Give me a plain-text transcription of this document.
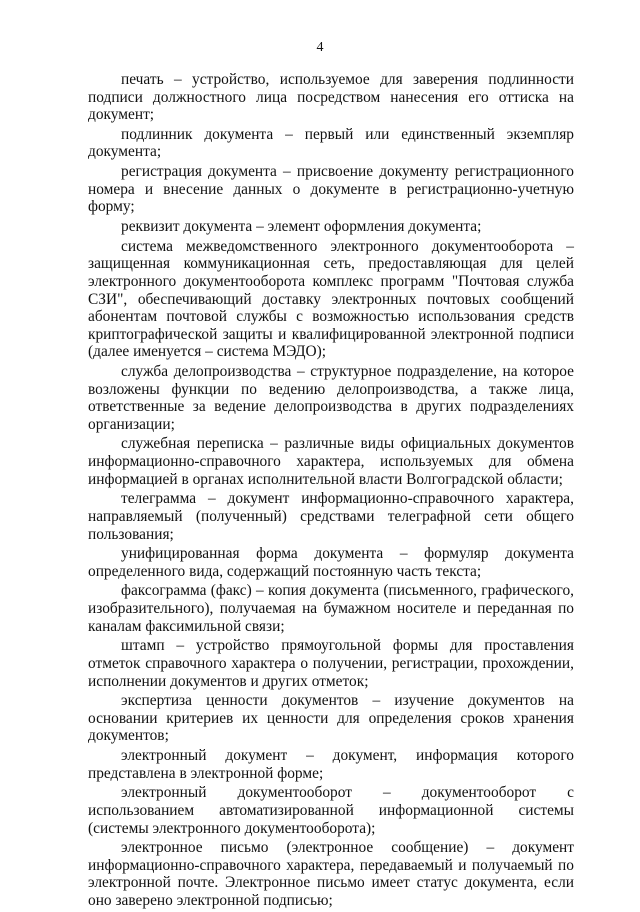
4

печать – устройство, используемое для заверения подлинности подписи должностного лица посредством нанесения его оттиска на документ;

подлинник документа – первый или единственный экземпляр документа;

регистрация документа – присвоение документу регистрационного номера и внесение данных о документе в регистрационно-учетную форму;

реквизит документа – элемент оформления документа;

система межведомственного электронного документооборота – защищенная коммуникационная сеть, предоставляющая для целей электронного документооборота комплекс программ "Почтовая служба СЗИ", обеспечивающий доставку электронных почтовых сообщений абонентам почтовой службы с возможностью использования средств криптографической защиты и квалифицированной электронной подписи (далее именуется – система МЭДО);

служба делопроизводства – структурное подразделение, на которое возложены функции по ведению делопроизводства, а также лица, ответственные за ведение делопроизводства в других подразделениях организации;

служебная переписка – различные виды официальных документов информационно-справочного характера, используемых для обмена информацией в органах исполнительной власти Волгоградской области;

телеграмма – документ информационно-справочного характера, направляемый (полученный) средствами телеграфной сети общего пользования;

унифицированная форма документа – формуляр документа определенного вида, содержащий постоянную часть текста;

факсограмма (факс) – копия документа (письменного, графического, изобразительного), получаемая на бумажном носителе и переданная по каналам факсимильной связи;

штамп – устройство прямоугольной формы для проставления отметок справочного характера о получении, регистрации, прохождении, исполнении документов и других отметок;

экспертиза ценности документов – изучение документов на основании критериев их ценности для определения сроков хранения документов;

электронный документ – документ, информация которого представлена в электронной форме;

электронный документооборот – документооборот с использованием автоматизированной информационной системы (системы электронного документооборота);

электронное письмо (электронное сообщение) – документ информационно-справочного характера, передаваемый и получаемый по электронной почте. Электронное письмо имеет статус документа, если оно заверено электронной подписью;
